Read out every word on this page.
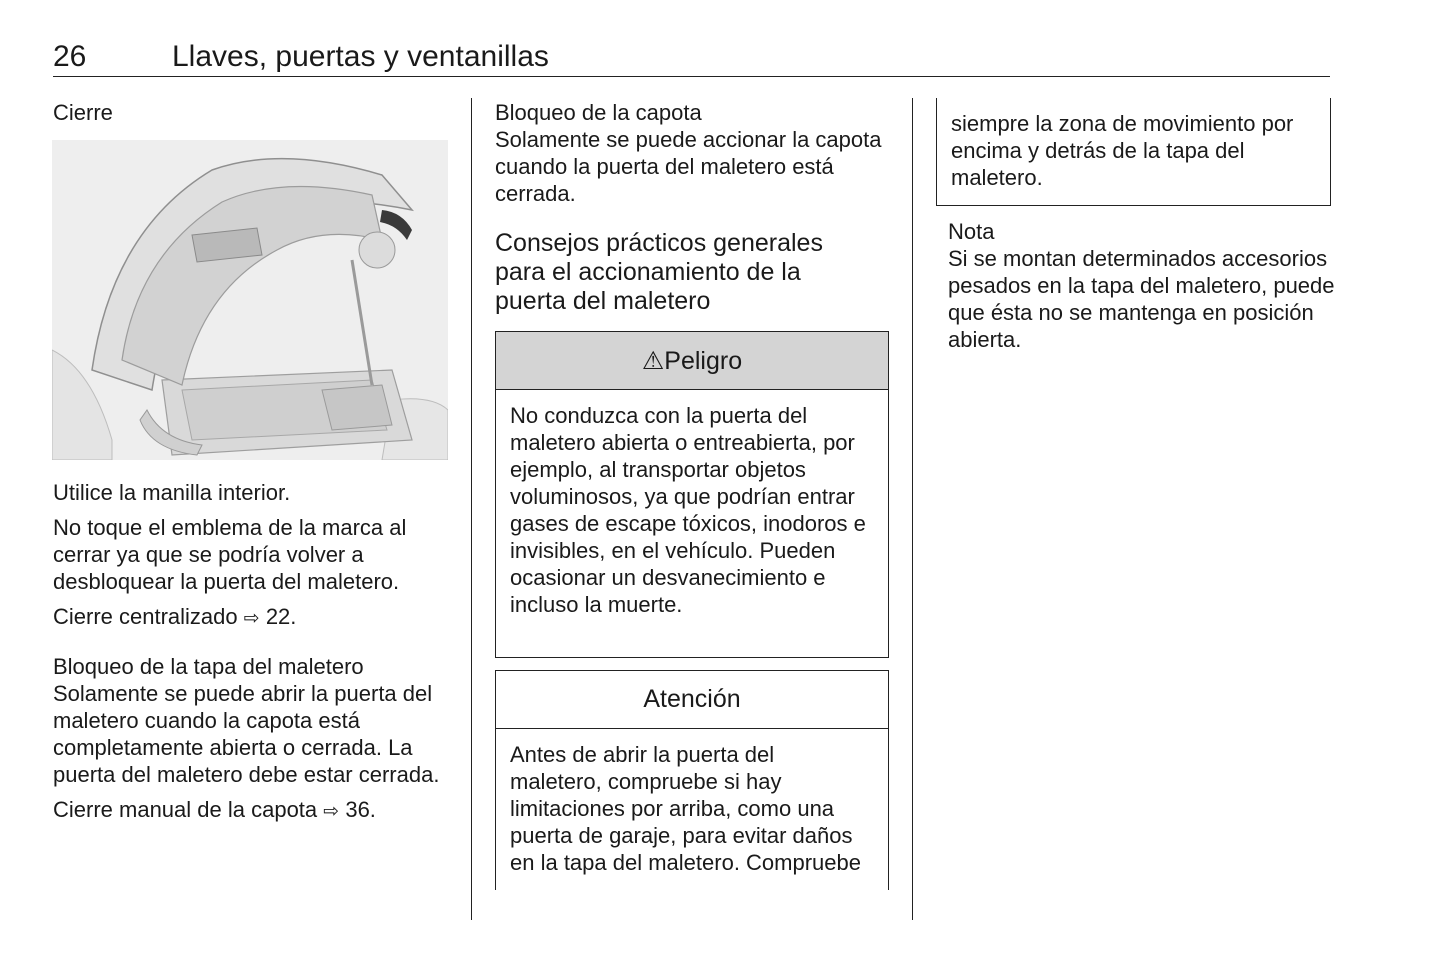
26	Llaves, puertas y ventanillas
Cierre

Utilice la manilla interior.

No toque el emblema de la marca al cerrar ya que se podría volver a desbloquear la puerta del maletero.

Cierre centralizado ⇨ 22.

Bloqueo de la tapa del maletero

Solamente se puede abrir la puerta del maletero cuando la capota está completamente abierta o cerrada. La puerta del maletero debe estar cerrada.

Cierre manual de la capota ⇨ 36.

Bloqueo de la capota

Solamente se puede accionar la capota cuando la puerta del maletero está cerrada.

Consejos prácticos generales para el accionamiento de la puerta del maletero
⚠Peligro
No conduzca con la puerta del maletero abierta o entreabierta, por ejemplo, al transportar objetos voluminosos, ya que podrían entrar gases de escape tóxicos, inodoros e invisibles, en el vehículo. Pueden ocasionar un desvanecimiento e incluso la muerte.
Atención
Antes de abrir la puerta del maletero, compruebe si hay limitaciones por arriba, como una puerta de garaje, para evitar daños en la tapa del maletero. Compruebe
siempre la zona de movimiento por encima y detrás de la tapa del maletero.

Nota

Si se montan determinados accesorios pesados en la tapa del maletero, puede que ésta no se mantenga en posición abierta.
